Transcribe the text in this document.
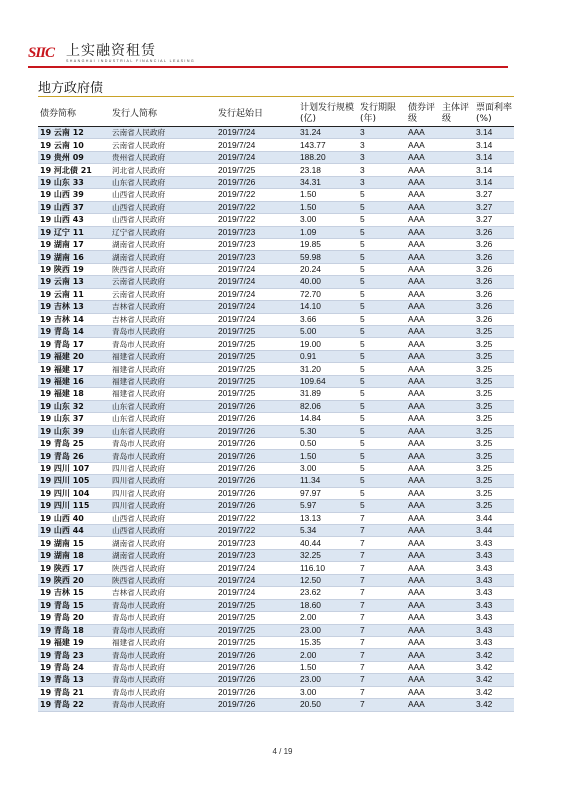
SIIC 上实融资租赁
SHANGHAI INDUSTRIAL FINANCIAL LEASING
地方政府债
债券简称	发行人简称	发行起始日	计划发行规模(亿)	发行期限(年)	债券评级	主体评级	票面利率(%)
19 云南 12	云南省人民政府	2019/7/24	31.24	3	AAA		3.14
19 云南 10	云南省人民政府	2019/7/24	143.77	3	AAA		3.14
19 贵州 09	贵州省人民政府	2019/7/24	188.20	3	AAA		3.14
19 河北债 21	河北省人民政府	2019/7/25	23.18	3	AAA		3.14
19 山东 33	山东省人民政府	2019/7/26	34.31	3	AAA		3.14
19 山西 39	山西省人民政府	2019/7/22	1.50	5	AAA		3.27
19 山西 37	山西省人民政府	2019/7/22	1.50	5	AAA		3.27
19 山西 43	山西省人民政府	2019/7/22	3.00	5	AAA		3.27
19 辽宁 11	辽宁省人民政府	2019/7/23	1.09	5	AAA		3.26
19 湖南 17	湖南省人民政府	2019/7/23	19.85	5	AAA		3.26
19 湖南 16	湖南省人民政府	2019/7/23	59.98	5	AAA		3.26
19 陕西 19	陕西省人民政府	2019/7/24	20.24	5	AAA		3.26
19 云南 13	云南省人民政府	2019/7/24	40.00	5	AAA		3.26
19 云南 11	云南省人民政府	2019/7/24	72.70	5	AAA		3.26
19 吉林 13	吉林省人民政府	2019/7/24	14.10	5	AAA		3.26
19 吉林 14	吉林省人民政府	2019/7/24	3.66	5	AAA		3.26
19 青岛 14	青岛市人民政府	2019/7/25	5.00	5	AAA		3.25
19 青岛 17	青岛市人民政府	2019/7/25	19.00	5	AAA		3.25
19 福建 20	福建省人民政府	2019/7/25	0.91	5	AAA		3.25
19 福建 17	福建省人民政府	2019/7/25	31.20	5	AAA		3.25
19 福建 16	福建省人民政府	2019/7/25	109.64	5	AAA		3.25
19 福建 18	福建省人民政府	2019/7/25	31.89	5	AAA		3.25
19 山东 32	山东省人民政府	2019/7/26	82.06	5	AAA		3.25
19 山东 37	山东省人民政府	2019/7/26	14.84	5	AAA		3.25
19 山东 39	山东省人民政府	2019/7/26	5.30	5	AAA		3.25
19 青岛 25	青岛市人民政府	2019/7/26	0.50	5	AAA		3.25
19 青岛 26	青岛市人民政府	2019/7/26	1.50	5	AAA		3.25
19 四川 107	四川省人民政府	2019/7/26	3.00	5	AAA		3.25
19 四川 105	四川省人民政府	2019/7/26	11.34	5	AAA		3.25
19 四川 104	四川省人民政府	2019/7/26	97.97	5	AAA		3.25
19 四川 115	四川省人民政府	2019/7/26	5.97	5	AAA		3.25
19 山西 40	山西省人民政府	2019/7/22	13.13	7	AAA		3.44
19 山西 44	山西省人民政府	2019/7/22	5.34	7	AAA		3.44
19 湖南 15	湖南省人民政府	2019/7/23	40.44	7	AAA		3.43
19 湖南 18	湖南省人民政府	2019/7/23	32.25	7	AAA		3.43
19 陕西 17	陕西省人民政府	2019/7/24	116.10	7	AAA		3.43
19 陕西 20	陕西省人民政府	2019/7/24	12.50	7	AAA		3.43
19 吉林 15	吉林省人民政府	2019/7/24	23.62	7	AAA		3.43
19 青岛 15	青岛市人民政府	2019/7/25	18.60	7	AAA		3.43
19 青岛 20	青岛市人民政府	2019/7/25	2.00	7	AAA		3.43
19 青岛 18	青岛市人民政府	2019/7/25	23.00	7	AAA		3.43
19 福建 19	福建省人民政府	2019/7/25	15.35	7	AAA		3.43
19 青岛 23	青岛市人民政府	2019/7/26	2.00	7	AAA		3.42
19 青岛 24	青岛市人民政府	2019/7/26	1.50	7	AAA		3.42
19 青岛 13	青岛市人民政府	2019/7/26	23.00	7	AAA		3.42
19 青岛 21	青岛市人民政府	2019/7/26	3.00	7	AAA		3.42
19 青岛 22	青岛市人民政府	2019/7/26	20.50	7	AAA		3.42
4 / 19
